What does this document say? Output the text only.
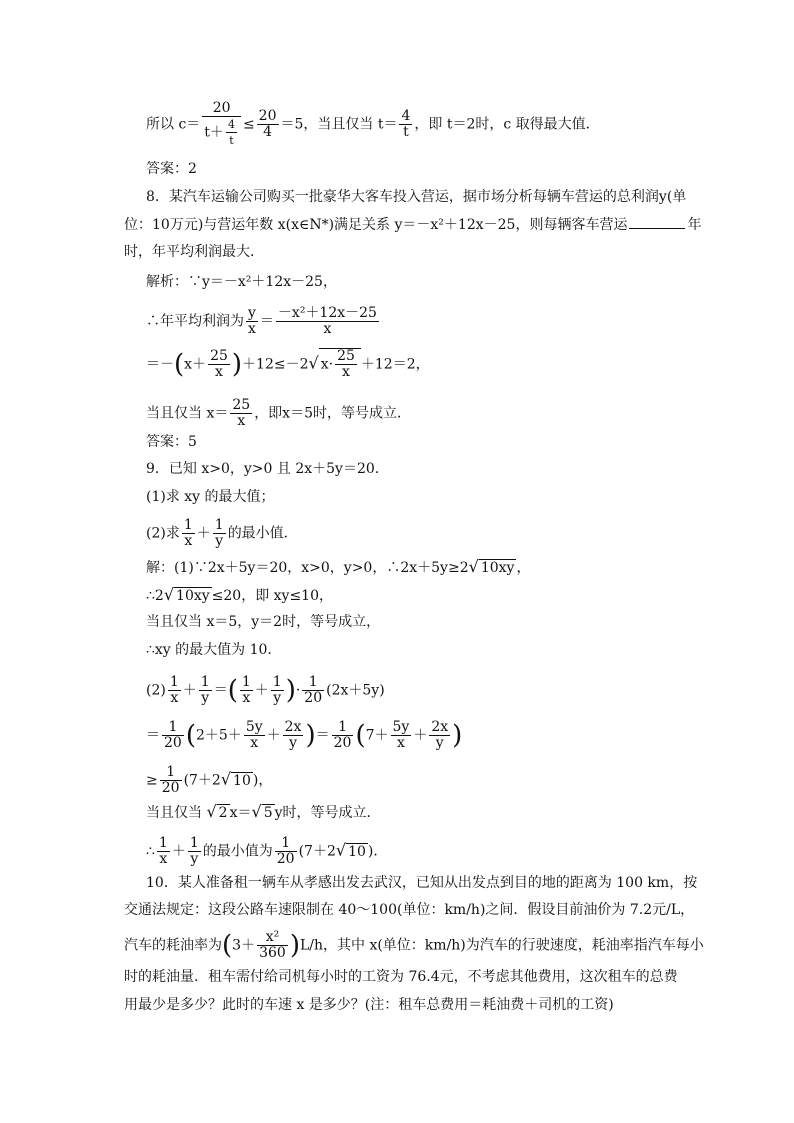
所以 $c= \frac{20}{t+ \frac{4}{t}} \le \frac{20}{4} =5$，当且仅当 $t= \frac{4}{t}$ ，即 t＝2时，c 取得最大值．
答案：2
8．某汽车运输公司购买一批豪华大客车投入营运，据市场分析每辆车营运的总利润y(单
位：10万元)与营运年数 x(x∈N*)满足关系 y＝－x²＋12x－25，则每辆客车营运	年
时，年平均利润最大．
解析：∵y＝－x²＋12x－25，
∴年平均利润为 $\frac{y}{x} = \frac{\text{－x²＋12x－25}}{x}$
$=-(x+ \frac{25}{x} )+12\le-2√$ $x\cdot \frac{25}{x} +12=2$，
当且仅当 $x= \frac{25}{x}$ ，即x＝5时，等号成立．
答案：5
9．已知 x>0，y>0 且 2x＋5y＝20.
(1)求 xy 的最大值；
(2)求 $\frac{1}{x} + \frac{1}{y}$ 的最小值．
解：(1)∵2x＋5y＝20，x>0，y>0，∴2x＋5y≥2√ 10xy ，
∴2√ 10xy ≤20，即 xy≤10，
当且仅当 x＝5，y＝2时，等号成立，
∴xy 的最大值为 10.
$(2) \frac{1}{x} + \frac{1}{y}$ ＝( $\frac{1}{x} + \frac{1}{y}$ )· $\frac{1}{20} (2x+5y)$
＝ $\frac{1}{20} (2+5+ \frac{5y}{x} + \frac{2x}{y}$ )＝ $\frac{1}{20} (7+ \frac{5y}{x} + \frac{2x}{y}$ )
≥ $\frac{1}{20} (7+2√$ 10 )，
当且仅当 √ 2 x＝√ 5 y时，等号成立．
∴ $\frac{1}{x} + \frac{1}{y}$ 的最小值为 $\frac{1}{20} (7+2√$ 10 )．
10．某人准备租一辆车从孝感出发去武汉，已知从出发点到目的地的距离为 100 km，按
交通法规定：这段公路车速限制在 40～100(单位：km/h)之间．假设目前油价为 7.2元/L，
汽车的耗油率为$(3+ \frac{\text{x²}}{360} )L/h$，其中 x(单位：km/h)为汽车的行驶速度，耗油率指汽车每小
时的耗油量．租车需付给司机每小时的工资为 76.4元，不考虑其他费用，这次租车的总费
用最少是多少？此时的车速 x 是多少？(注：租车总费用＝耗油费＋司机的工资)
